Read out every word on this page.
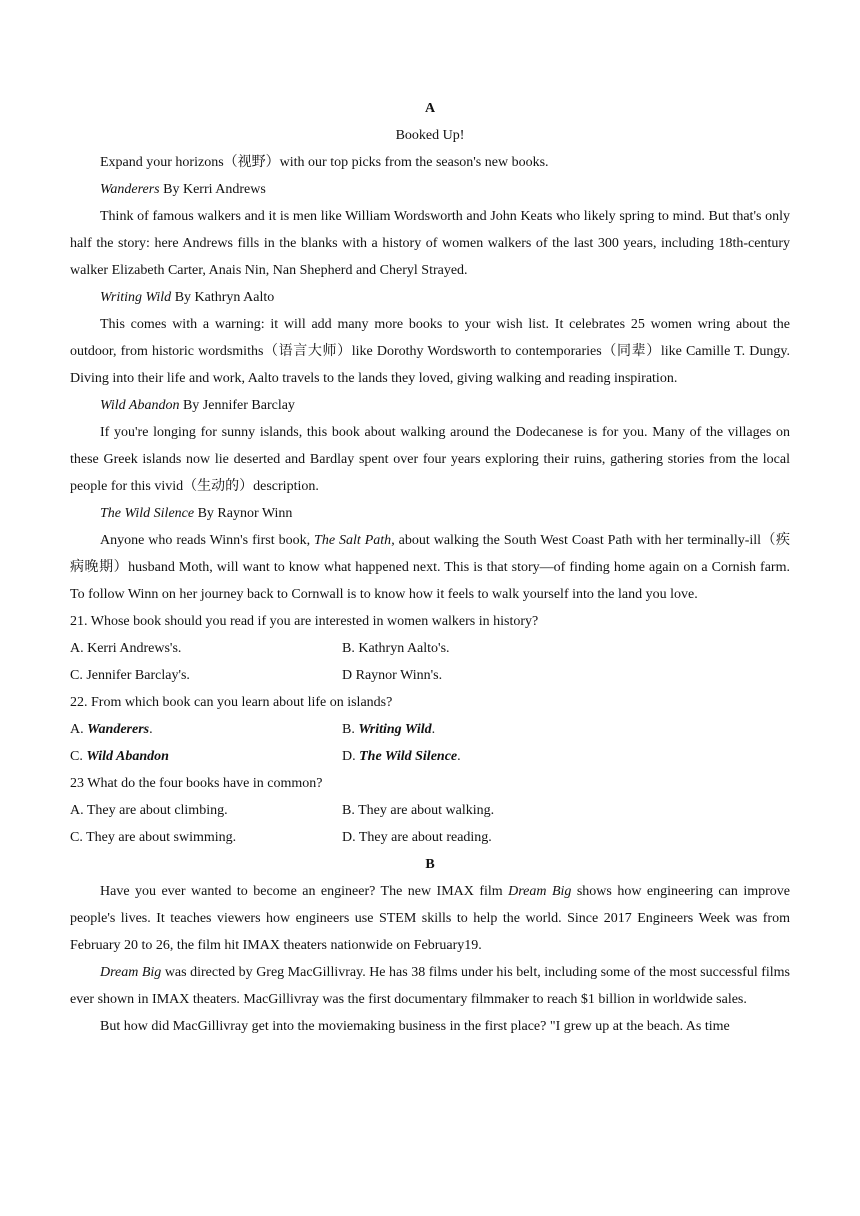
A
Booked Up!
Expand your horizons（视野）with our top picks from the season's new books.
Wanderers By Kerri Andrews
Think of famous walkers and it is men like William Wordsworth and John Keats who likely spring to mind. But that's only half the story: here Andrews fills in the blanks with a history of women walkers of the last 300 years, including 18th-century walker Elizabeth Carter, Anais Nin, Nan Shepherd and Cheryl Strayed.
Writing Wild By Kathryn Aalto
This comes with a warning: it will add many more books to your wish list. It celebrates 25 women wring about the outdoor, from historic wordsmiths（语言大师）like Dorothy Wordsworth to contemporaries（同辈）like Camille T. Dungy. Diving into their life and work, Aalto travels to the lands they loved, giving walking and reading inspiration.
Wild Abandon By Jennifer Barclay
If you're longing for sunny islands, this book about walking around the Dodecanese is for you. Many of the villages on these Greek islands now lie deserted and Bardlay spent over four years exploring their ruins, gathering stories from the local people for this vivid（生动的）description.
The Wild Silence By Raynor Winn
Anyone who reads Winn's first book, The Salt Path, about walking the South West Coast Path with her terminally-ill（疾病晚期）husband Moth, will want to know what happened next. This is that story—of finding home again on a Cornish farm. To follow Winn on her journey back to Cornwall is to know how it feels to walk yourself into the land you love.
21. Whose book should you read if you are interested in women walkers in history?
A. Kerri Andrews's.	B. Kathryn Aalto's.
C. Jennifer Barclay's.	D Raynor Winn's.
22. From which book can you learn about life on islands?
A. Wanderers.	B. Writing Wild.
C. Wild Abandon	D. The Wild Silence.
23 What do the four books have in common?
A. They are about climbing.	B. They are about walking.
C. They are about swimming.	D. They are about reading.
B
Have you ever wanted to become an engineer? The new IMAX film Dream Big shows how engineering can improve people's lives. It teaches viewers how engineers use STEM skills to help the world. Since 2017 Engineers Week was from February 20 to 26, the film hit IMAX theaters nationwide on February19.
Dream Big was directed by Greg MacGillivray. He has 38 films under his belt, including some of the most successful films ever shown in IMAX theaters. MacGillivray was the first documentary filmmaker to reach $1 billion in worldwide sales.
But how did MacGillivray get into the moviemaking business in the first place? "I grew up at the beach. As time
